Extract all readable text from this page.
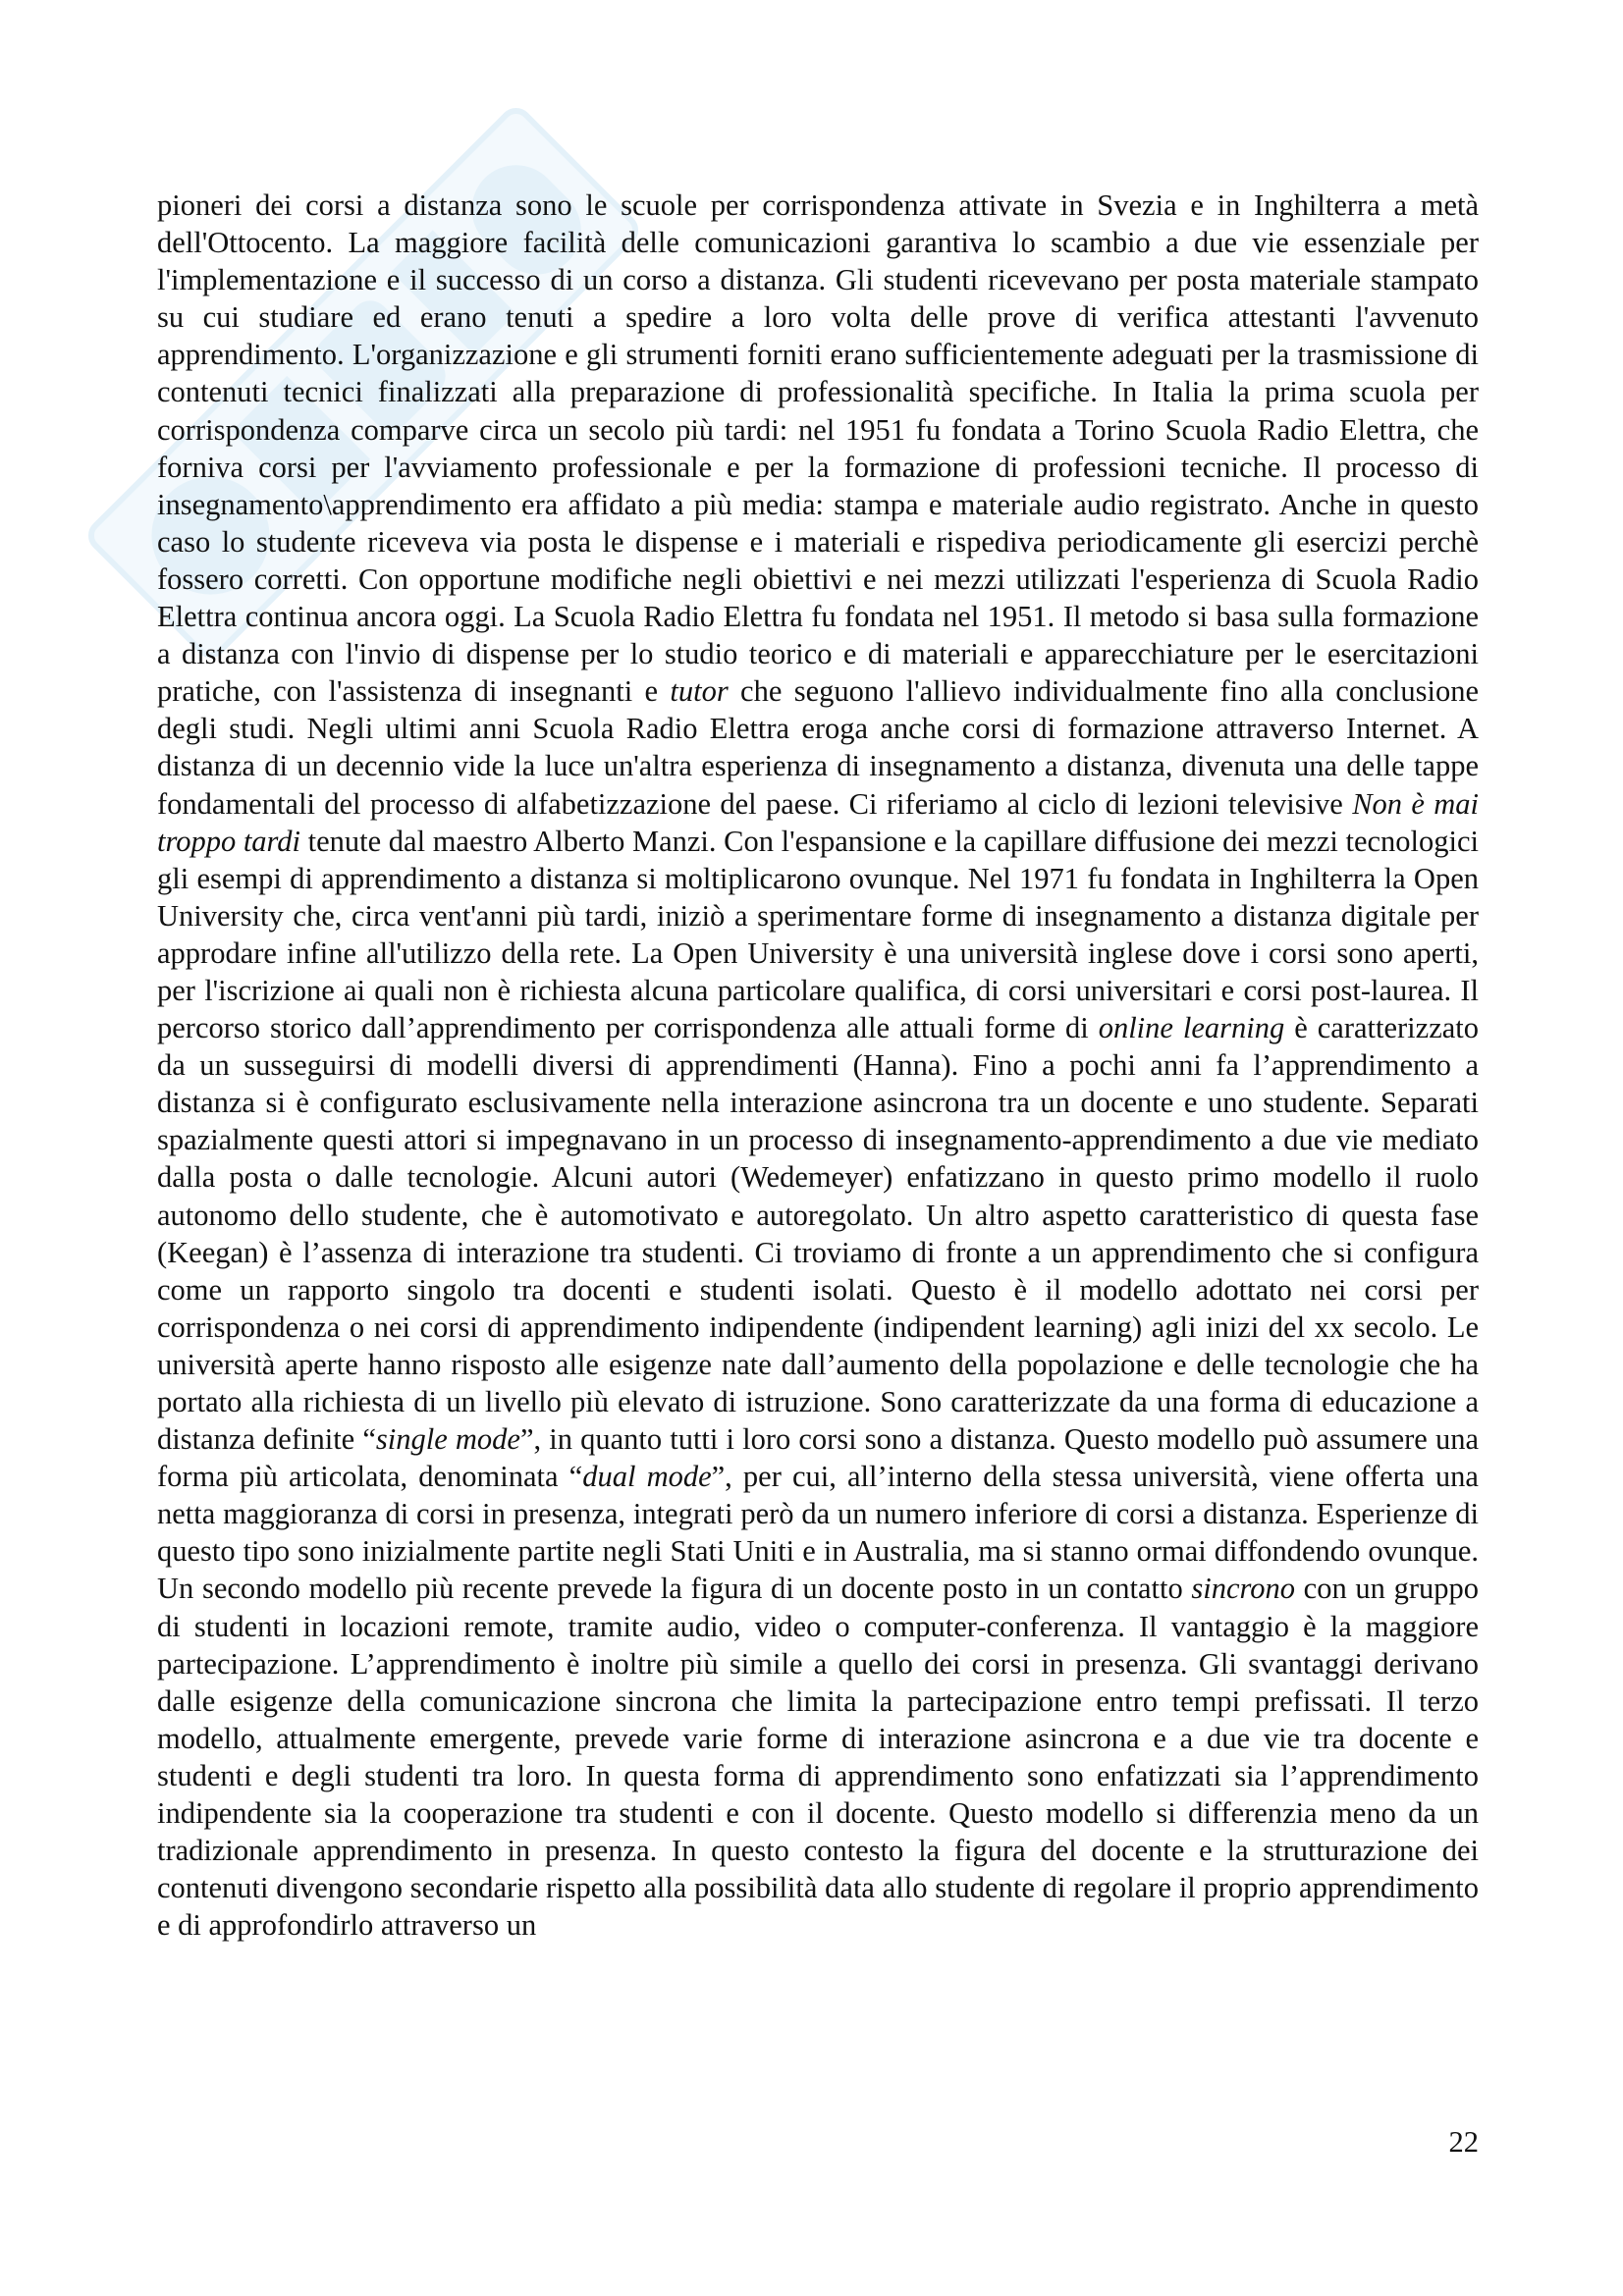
pioneri dei corsi a distanza sono le scuole per corrispondenza attivate in Svezia e in Inghilterra a metà dell'Ottocento. La maggiore facilità delle comunicazioni garantiva lo scambio a due vie essenziale per l'implementazione e il successo di un corso a distanza. Gli studenti ricevevano per posta materiale stampato su cui studiare ed erano tenuti a spedire a loro volta delle prove di verifica attestanti l'avvenuto apprendimento. L'organizzazione e gli strumenti forniti erano sufficientemente adeguati per la trasmissione di contenuti tecnici finalizzati alla preparazione di professionalità specifiche. In Italia la prima scuola per corrispondenza comparve circa un secolo più tardi: nel 1951 fu fondata a Torino Scuola Radio Elettra, che forniva corsi per l'avviamento professionale e per la formazione di professioni tecniche. Il processo di insegnamento\apprendimento era affidato a più media: stampa e materiale audio registrato. Anche in questo caso lo studente riceveva via posta le dispense e i materiali e rispediva periodicamente gli esercizi perchè fossero corretti. Con opportune modifiche negli obiettivi e nei mezzi utilizzati l'esperienza di Scuola Radio Elettra continua ancora oggi. La Scuola Radio Elettra fu fondata nel 1951. Il metodo si basa sulla formazione a distanza con l'invio di dispense per lo studio teorico e di materiali e apparecchiature per le esercitazioni pratiche, con l'assistenza di insegnanti e tutor che seguono l'allievo individualmente fino alla conclusione degli studi. Negli ultimi anni Scuola Radio Elettra eroga anche corsi di formazione attraverso Internet. A distanza di un decennio vide la luce un'altra esperienza di insegnamento a distanza, divenuta una delle tappe fondamentali del processo di alfabetizzazione del paese. Ci riferiamo al ciclo di lezioni televisive Non è mai troppo tardi tenute dal maestro Alberto Manzi. Con l'espansione e la capillare diffusione dei mezzi tecnologici gli esempi di apprendimento a distanza si moltiplicarono ovunque. Nel 1971 fu fondata in Inghilterra la Open University che, circa vent'anni più tardi, iniziò a sperimentare forme di insegnamento a distanza digitale per approdare infine all'utilizzo della rete. La Open University è una università inglese dove i corsi sono aperti, per l'iscrizione ai quali non è richiesta alcuna particolare qualifica, di corsi universitari e corsi post-laurea. Il percorso storico dall’apprendimento per corrispondenza alle attuali forme di online learning è caratterizzato da un susseguirsi di modelli diversi di apprendimenti (Hanna). Fino a pochi anni fa l’apprendimento a distanza si è configurato esclusivamente nella interazione asincrona tra un docente e uno studente. Separati spazialmente questi attori si impegnavano in un processo di insegnamento-apprendimento a due vie mediato dalla posta o dalle tecnologie. Alcuni autori (Wedemeyer) enfatizzano in questo primo modello il ruolo autonomo dello studente, che è automotivato e autoregolato. Un altro aspetto caratteristico di questa fase (Keegan) è l’assenza di interazione tra studenti. Ci troviamo di fronte a un apprendimento che si configura come un rapporto singolo tra docenti e studenti isolati. Questo è il modello adottato nei corsi per corrispondenza o nei corsi di apprendimento indipendente (indipendent learning) agli inizi del xx secolo. Le università aperte hanno risposto alle esigenze nate dall’aumento della popolazione e delle tecnologie che ha portato alla richiesta di un livello più elevato di istruzione. Sono caratterizzate da una forma di educazione a distanza definite “single mode”, in quanto tutti i loro corsi sono a distanza. Questo modello può assumere una forma più articolata, denominata “dual mode”, per cui, all’interno della stessa università, viene offerta una netta maggioranza di corsi in presenza, integrati però da un numero inferiore di corsi a distanza. Esperienze di questo tipo sono inizialmente partite negli Stati Uniti e in Australia, ma si stanno ormai diffondendo ovunque. Un secondo modello più recente prevede la figura di un docente posto in un contatto sincrono con un gruppo di studenti in locazioni remote, tramite audio, video o computer-conferenza. Il vantaggio è la maggiore partecipazione. L’apprendimento è inoltre più simile a quello dei corsi in presenza. Gli svantaggi derivano dalle esigenze della comunicazione sincrona che limita la partecipazione entro tempi prefissati. Il terzo modello, attualmente emergente, prevede varie forme di interazione asincrona e a due vie tra docente e studenti e degli studenti tra loro. In questa forma di apprendimento sono enfatizzati sia l’apprendimento indipendente sia la cooperazione tra studenti e con il docente. Questo modello si differenzia meno da un tradizionale apprendimento in presenza. In questo contesto la figura del docente e la strutturazione dei contenuti divengono secondarie rispetto alla possibilità data allo studente di regolare il proprio apprendimento e di approfondirlo attraverso un

22
